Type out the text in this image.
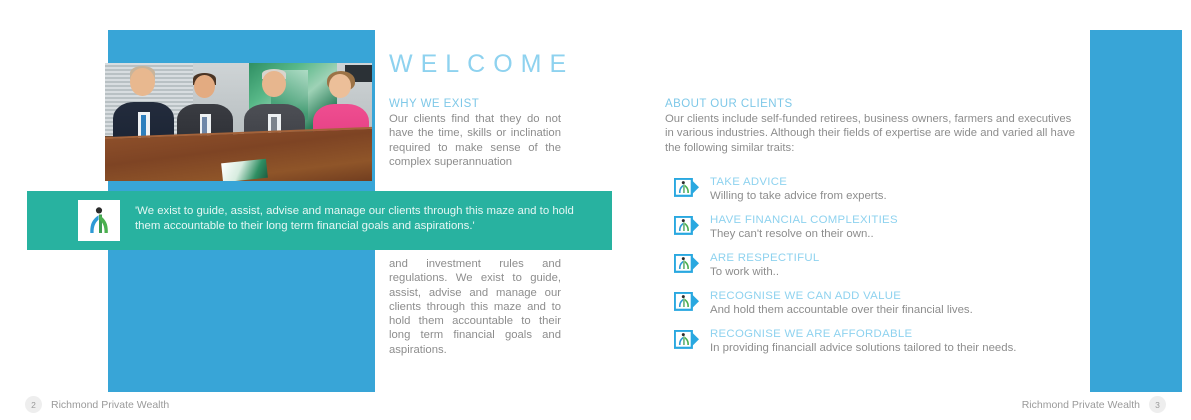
WELCOME

WHY WE EXIST

Our clients find that they do not have the time, skills or inclination required to make sense of the complex superannuation

'We exist to guide, assist, advise and manage our clients through this maze and to hold them accountable to their long term financial goals and aspirations.'

and investment rules and regulations. We exist to guide, assist, advise and manage our clients through this maze and to hold them accountable to their long term financial goals and aspirations.

ABOUT OUR CLIENTS

Our clients include self-funded retirees, business owners, farmers and executives in various industries. Although their fields of expertise are wide and varied all have the following similar traits:

TAKE ADVICE

Willing to take advice from experts.

HAVE FINANCIAL COMPLEXITIES

They can't resolve on their own..

ARE RESPECTIFUL

To work with..

RECOGNISE WE CAN ADD VALUE

And hold them accountable over their financial lives.

RECOGNISE WE ARE AFFORDABLE

In providing financiall advice solutions tailored to their needs.

2	Richmond Private Wealth	Richmond Private Wealth	3
